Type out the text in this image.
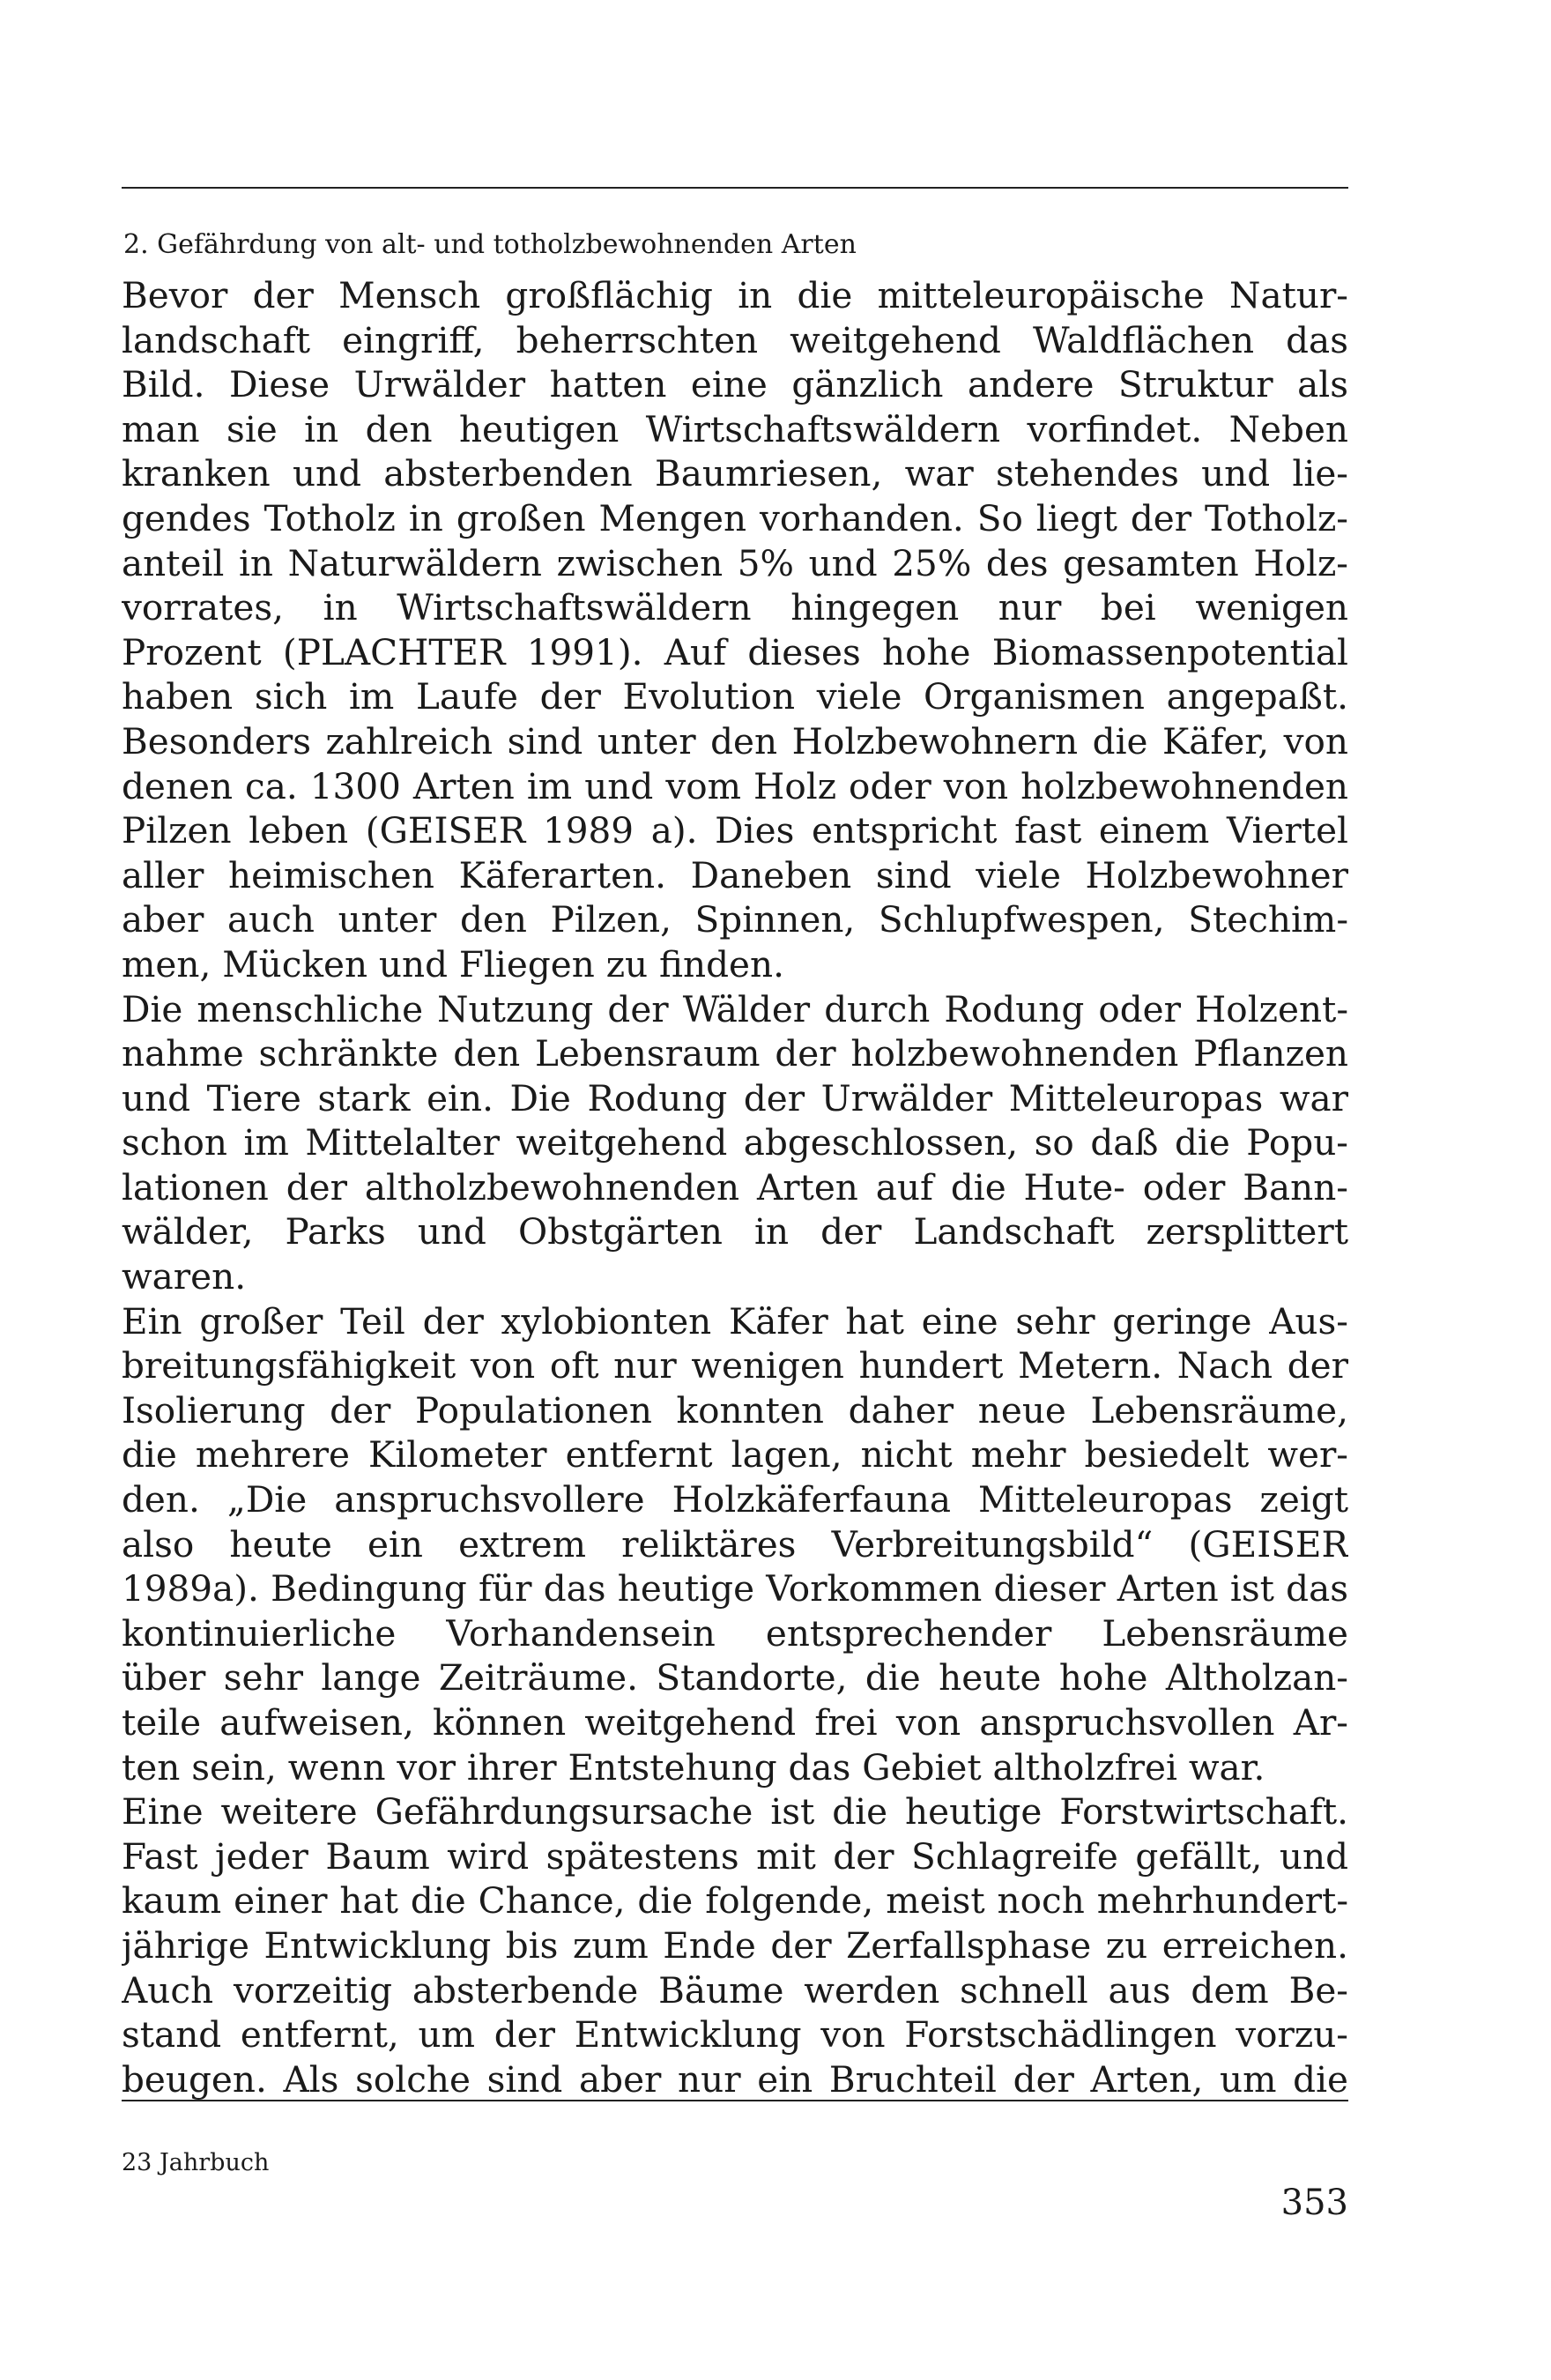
2. Gefährdung von alt- und totholzbewohnenden Arten
Bevor der Mensch großflächig in die mitteleuropäische Natur-
landschaft eingriff, beherrschten weitgehend Waldflächen das
Bild. Diese Urwälder hatten eine gänzlich andere Struktur als
man sie in den heutigen Wirtschaftswäldern vorfindet. Neben
kranken und absterbenden Baumriesen, war stehendes und lie-
gendes Totholz in großen Mengen vorhanden. So liegt der Totholz-
anteil in Naturwäldern zwischen 5% und 25% des gesamten Holz-
vorrates, in Wirtschaftswäldern hingegen nur bei wenigen
Prozent (PLACHTER 1991). Auf dieses hohe Biomassenpotential
haben sich im Laufe der Evolution viele Organismen angepaßt.
Besonders zahlreich sind unter den Holzbewohnern die Käfer, von
denen ca. 1300 Arten im und vom Holz oder von holzbewohnenden
Pilzen leben (GEISER 1989 a). Dies entspricht fast einem Viertel
aller heimischen Käferarten. Daneben sind viele Holzbewohner
aber auch unter den Pilzen, Spinnen, Schlupfwespen, Stechim-
men, Mücken und Fliegen zu finden.
Die menschliche Nutzung der Wälder durch Rodung oder Holzent-
nahme schränkte den Lebensraum der holzbewohnenden Pflanzen
und Tiere stark ein. Die Rodung der Urwälder Mitteleuropas war
schon im Mittelalter weitgehend abgeschlossen, so daß die Popu-
lationen der altholzbewohnenden Arten auf die Hute- oder Bann-
wälder, Parks und Obstgärten in der Landschaft zersplittert
waren.
Ein großer Teil der xylobionten Käfer hat eine sehr geringe Aus-
breitungsfähigkeit von oft nur wenigen hundert Metern. Nach der
Isolierung der Populationen konnten daher neue Lebensräume,
die mehrere Kilometer entfernt lagen, nicht mehr besiedelt wer-
den. „Die anspruchsvollere Holzkäferfauna Mitteleuropas zeigt
also heute ein extrem reliktäres Verbreitungsbild“ (GEISER
1989a). Bedingung für das heutige Vorkommen dieser Arten ist das
kontinuierliche Vorhandensein entsprechender Lebensräume
über sehr lange Zeiträume. Standorte, die heute hohe Altholzan-
teile aufweisen, können weitgehend frei von anspruchsvollen Ar-
ten sein, wenn vor ihrer Entstehung das Gebiet altholzfrei war.
Eine weitere Gefährdungsursache ist die heutige Forstwirtschaft.
Fast jeder Baum wird spätestens mit der Schlagreife gefällt, und
kaum einer hat die Chance, die folgende, meist noch mehrhundert-
jährige Entwicklung bis zum Ende der Zerfallsphase zu erreichen.
Auch vorzeitig absterbende Bäume werden schnell aus dem Be-
stand entfernt, um der Entwicklung von Forstschädlingen vorzu-
beugen. Als solche sind aber nur ein Bruchteil der Arten, um die
23 Jahrbuch
353
